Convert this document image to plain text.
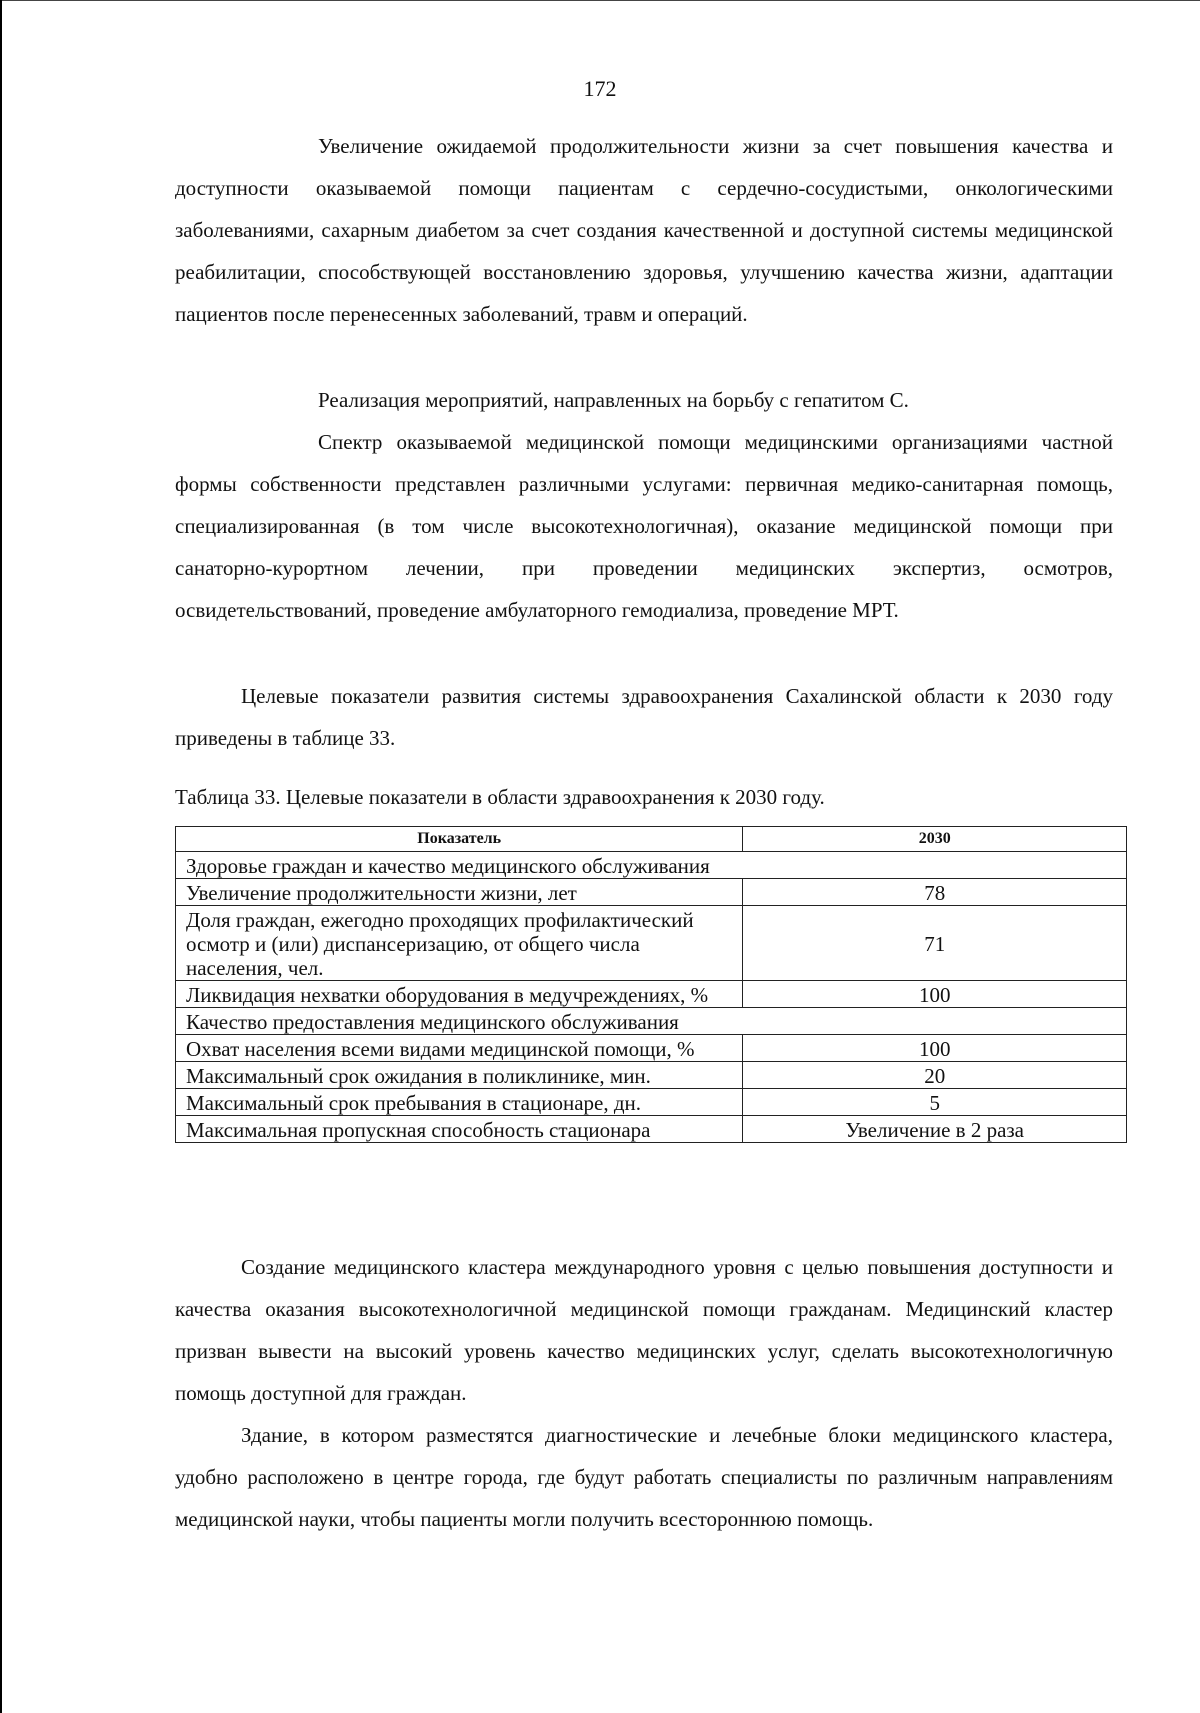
172

Увеличение ожидаемой продолжительности жизни за счет повышения качества и доступности оказываемой помощи пациентам с сердечно-сосудистыми, онкологическими заболеваниями, сахарным диабетом за счет создания качественной и доступной системы медицинской реабилитации, способствующей восстановлению здоровья, улучшению качества жизни, адаптации пациентов после перенесенных заболеваний, травм и операций.

Реализация мероприятий, направленных на борьбу с гепатитом С.

Спектр оказываемой медицинской помощи медицинскими организациями частной формы собственности представлен различными услугами: первичная медико-санитарная помощь, специализированная (в том числе высокотехнологичная), оказание медицинской помощи при санаторно-курортном лечении, при проведении медицинских экспертиз, осмотров, освидетельствований, проведение амбулаторного гемодиализа, проведение МРТ.

Целевые показатели развития системы здравоохранения Сахалинской области к 2030 году приведены в таблице 33.

Таблица 33. Целевые показатели в области здравоохранения к 2030 году.
Показатель	2030
Здоровье граждан и качество медицинского обслуживания	
Увеличение продолжительности жизни, лет	78
Доля граждан, ежегодно проходящих профилактический осмотр и (или) диспансеризацию, от общего числа населения, чел.	71
Ликвидация нехватки оборудования в медучреждениях, %	100
Качество предоставления медицинского обслуживания	
Охват населения всеми видами медицинской помощи, %	100
Максимальный срок ожидания в поликлинике, мин.	20
Максимальный срок пребывания в стационаре, дн.	5
Максимальная пропускная способность стационара	Увеличение в 2 раза

Создание медицинского кластера международного уровня с целью повышения доступности и качества оказания высокотехнологичной медицинской помощи гражданам. Медицинский кластер призван вывести на высокий уровень качество медицинских услуг, сделать высокотехнологичную помощь доступной для граждан.

Здание, в котором разместятся диагностические и лечебные блоки медицинского кластера, удобно расположено в центре города, где будут работать специалисты по различным направлениям медицинской науки, чтобы пациенты могли получить всестороннюю помощь.
